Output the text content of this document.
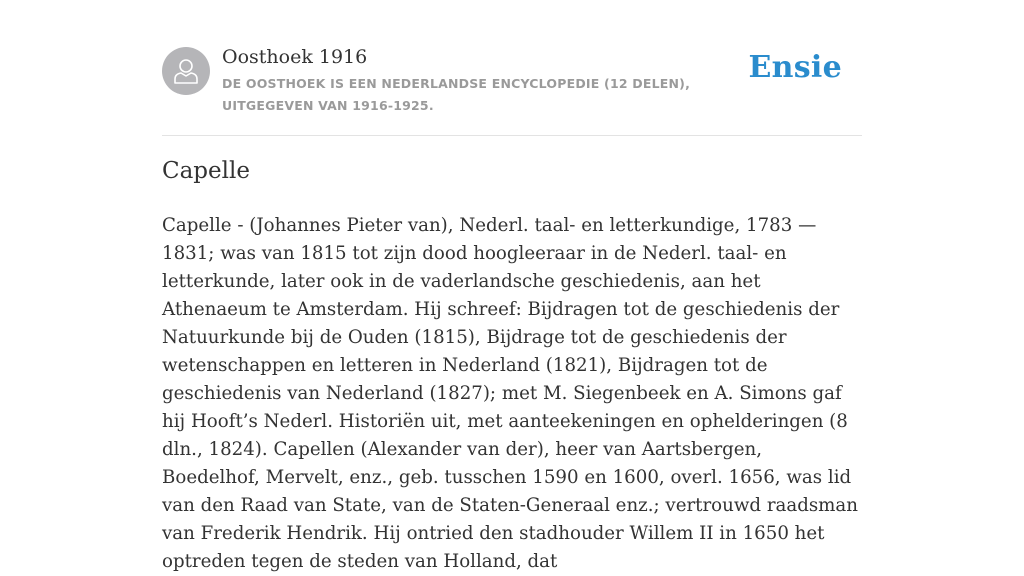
Oosthoek 1916
DE OOSTHOEK IS EEN NEDERLANDSE ENCYCLOPEDIE (12 DELEN), UITGEGEVEN VAN 1916-1925.
Ensie
Capelle

Capelle - (Johannes Pieter van), Nederl. taal- en letterkundige, 1783 — 1831; was van 1815 tot zijn dood hoogleeraar in de Nederl. taal- en letterkunde, later ook in de vaderlandsche geschiedenis, aan het Athenaeum te Amsterdam. Hij schreef: Bijdragen tot de geschiedenis der Natuurkunde bij de Ouden (1815), Bijdrage tot de geschiedenis der wetenschappen en letteren in Nederland (1821), Bijdragen tot de geschiedenis van Nederland (1827); met M. Siegenbeek en A. Simons gaf hij Hooft’s Nederl. Historiën uit, met aanteekeningen en ophelderingen (8 dln., 1824). Capellen (Alexander van der), heer van Aartsbergen, Boedelhof, Mervelt, enz., geb. tusschen 1590 en 1600, overl. 1656, was lid van den Raad van State, van de Staten-Generaal enz.; vertrouwd raadsman van Frederik Hendrik. Hij ontried den stadhouder Willem II in 1650 het optreden tegen de steden van Holland, dat
